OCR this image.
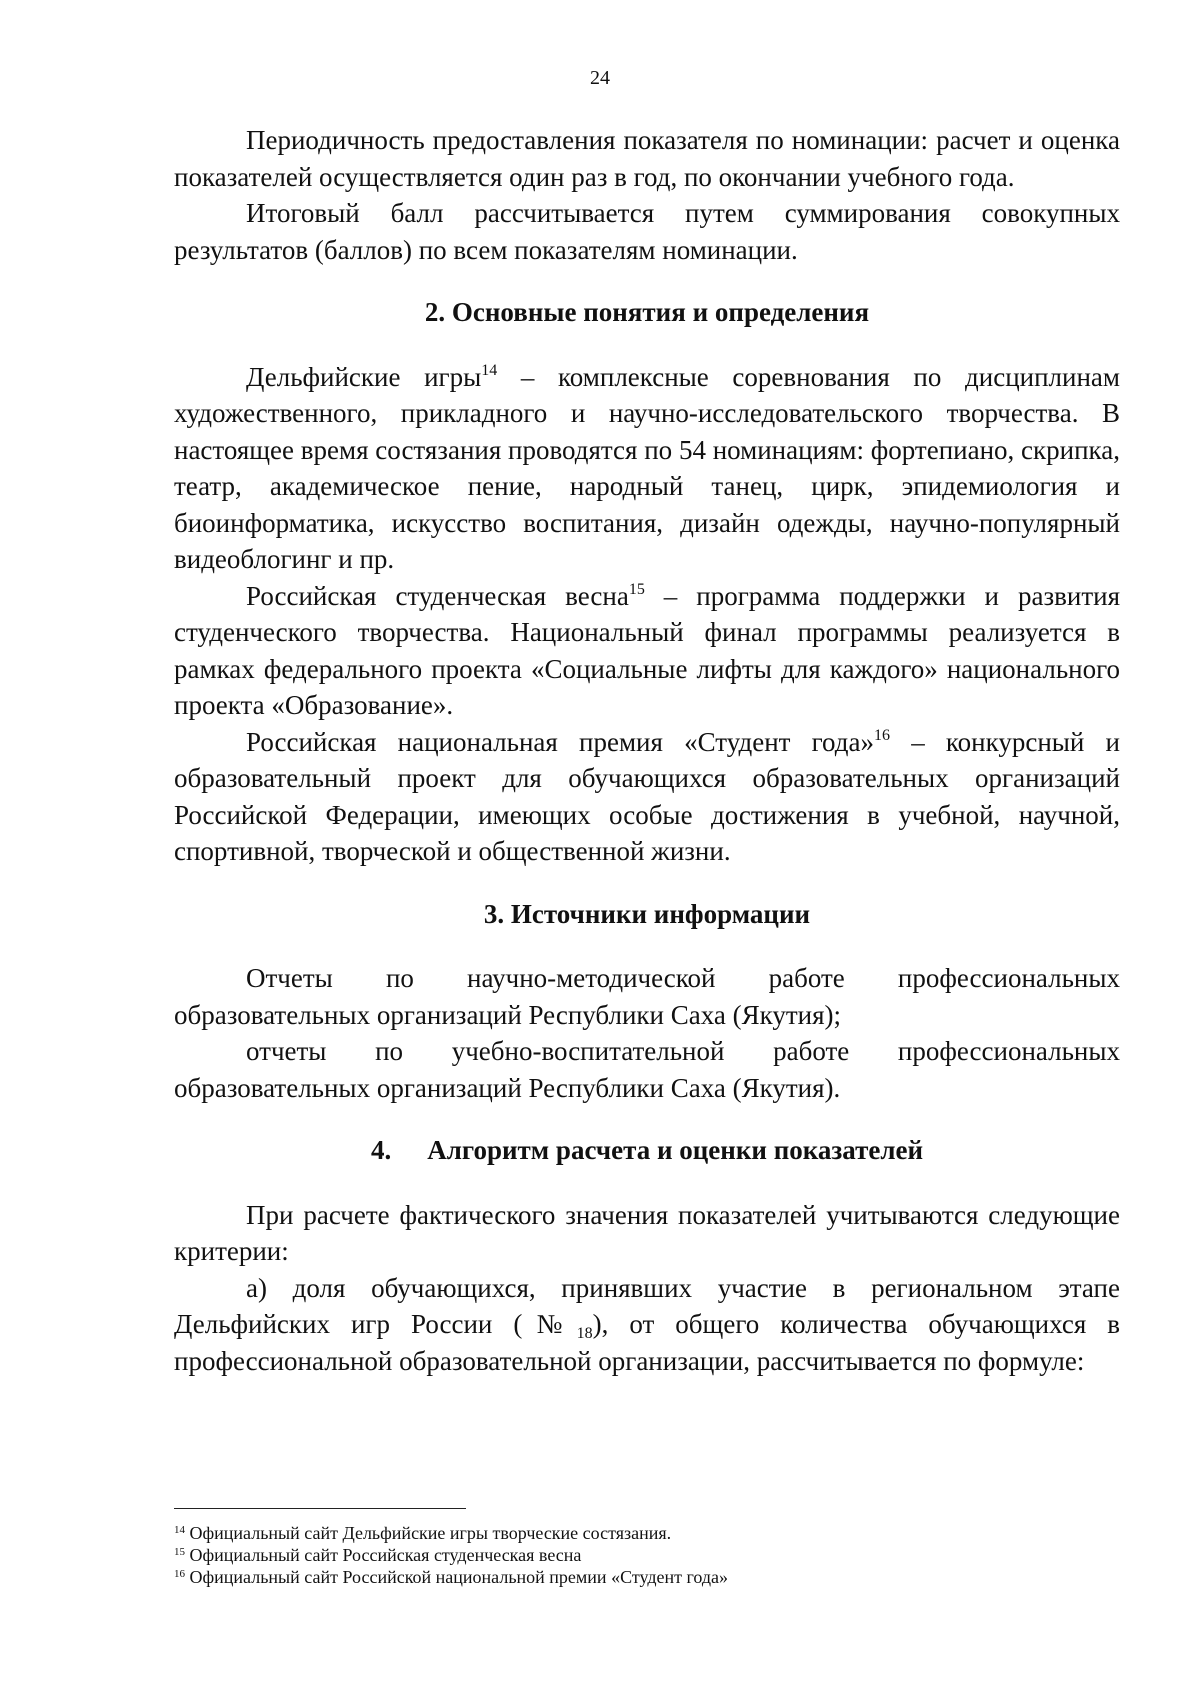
24

Периодичность предоставления показателя по номинации: расчет и оценка показателей осуществляется один раз в год, по окончании учебного года.

Итоговый балл рассчитывается путем суммирования совокупных результатов (баллов) по всем показателям номинации.

2. Основные понятия и определения

Дельфийские игры$^{14}$ – комплексные соревнования по дисциплинам художественного, прикладного и научно-исследовательского творчества. В настоящее время состязания проводятся по 54 номинациям: фортепиано, скрипка, театр, академическое пение, народный танец, цирк, эпидемиология и биоинформатика, искусство воспитания, дизайн одежды, научно-популярный видеоблогинг и пр.

Российская студенческая весна$^{15}$ – программа поддержки и развития студенческого творчества. Национальный финал программы реализуется в рамках федерального проекта «Социальные лифты для каждого» национального проекта «Образование».

Российская национальная премия «Студент года»$^{16}$ – конкурсный и образовательный проект для обучающихся образовательных организаций Российской Федерации, имеющих особые достижения в учебной, научной, спортивной, творческой и общественной жизни.

3. Источники информации

Отчеты по научно-методической работе профессиональных образовательных организаций Республики Саха (Якутия);

отчеты по учебно-воспитательной работе профессиональных образовательных организаций Республики Саха (Якутия).

4. Алгоритм расчета и оценки показателей

При расчете фактического значения показателей учитываются следующие критерии:

а) доля обучающихся, принявших участие в региональном этапе Дельфийских игр России $(№_{18})$, от общего количества обучающихся в профессиональной образовательной организации, рассчитывается по формуле:

$^{14}$ Официальный сайт Дельфийские игры творческие состязания.

$^{15}$ Официальный сайт Российская студенческая весна

$^{16}$ Официальный сайт Российской национальной премии «Студент года»
